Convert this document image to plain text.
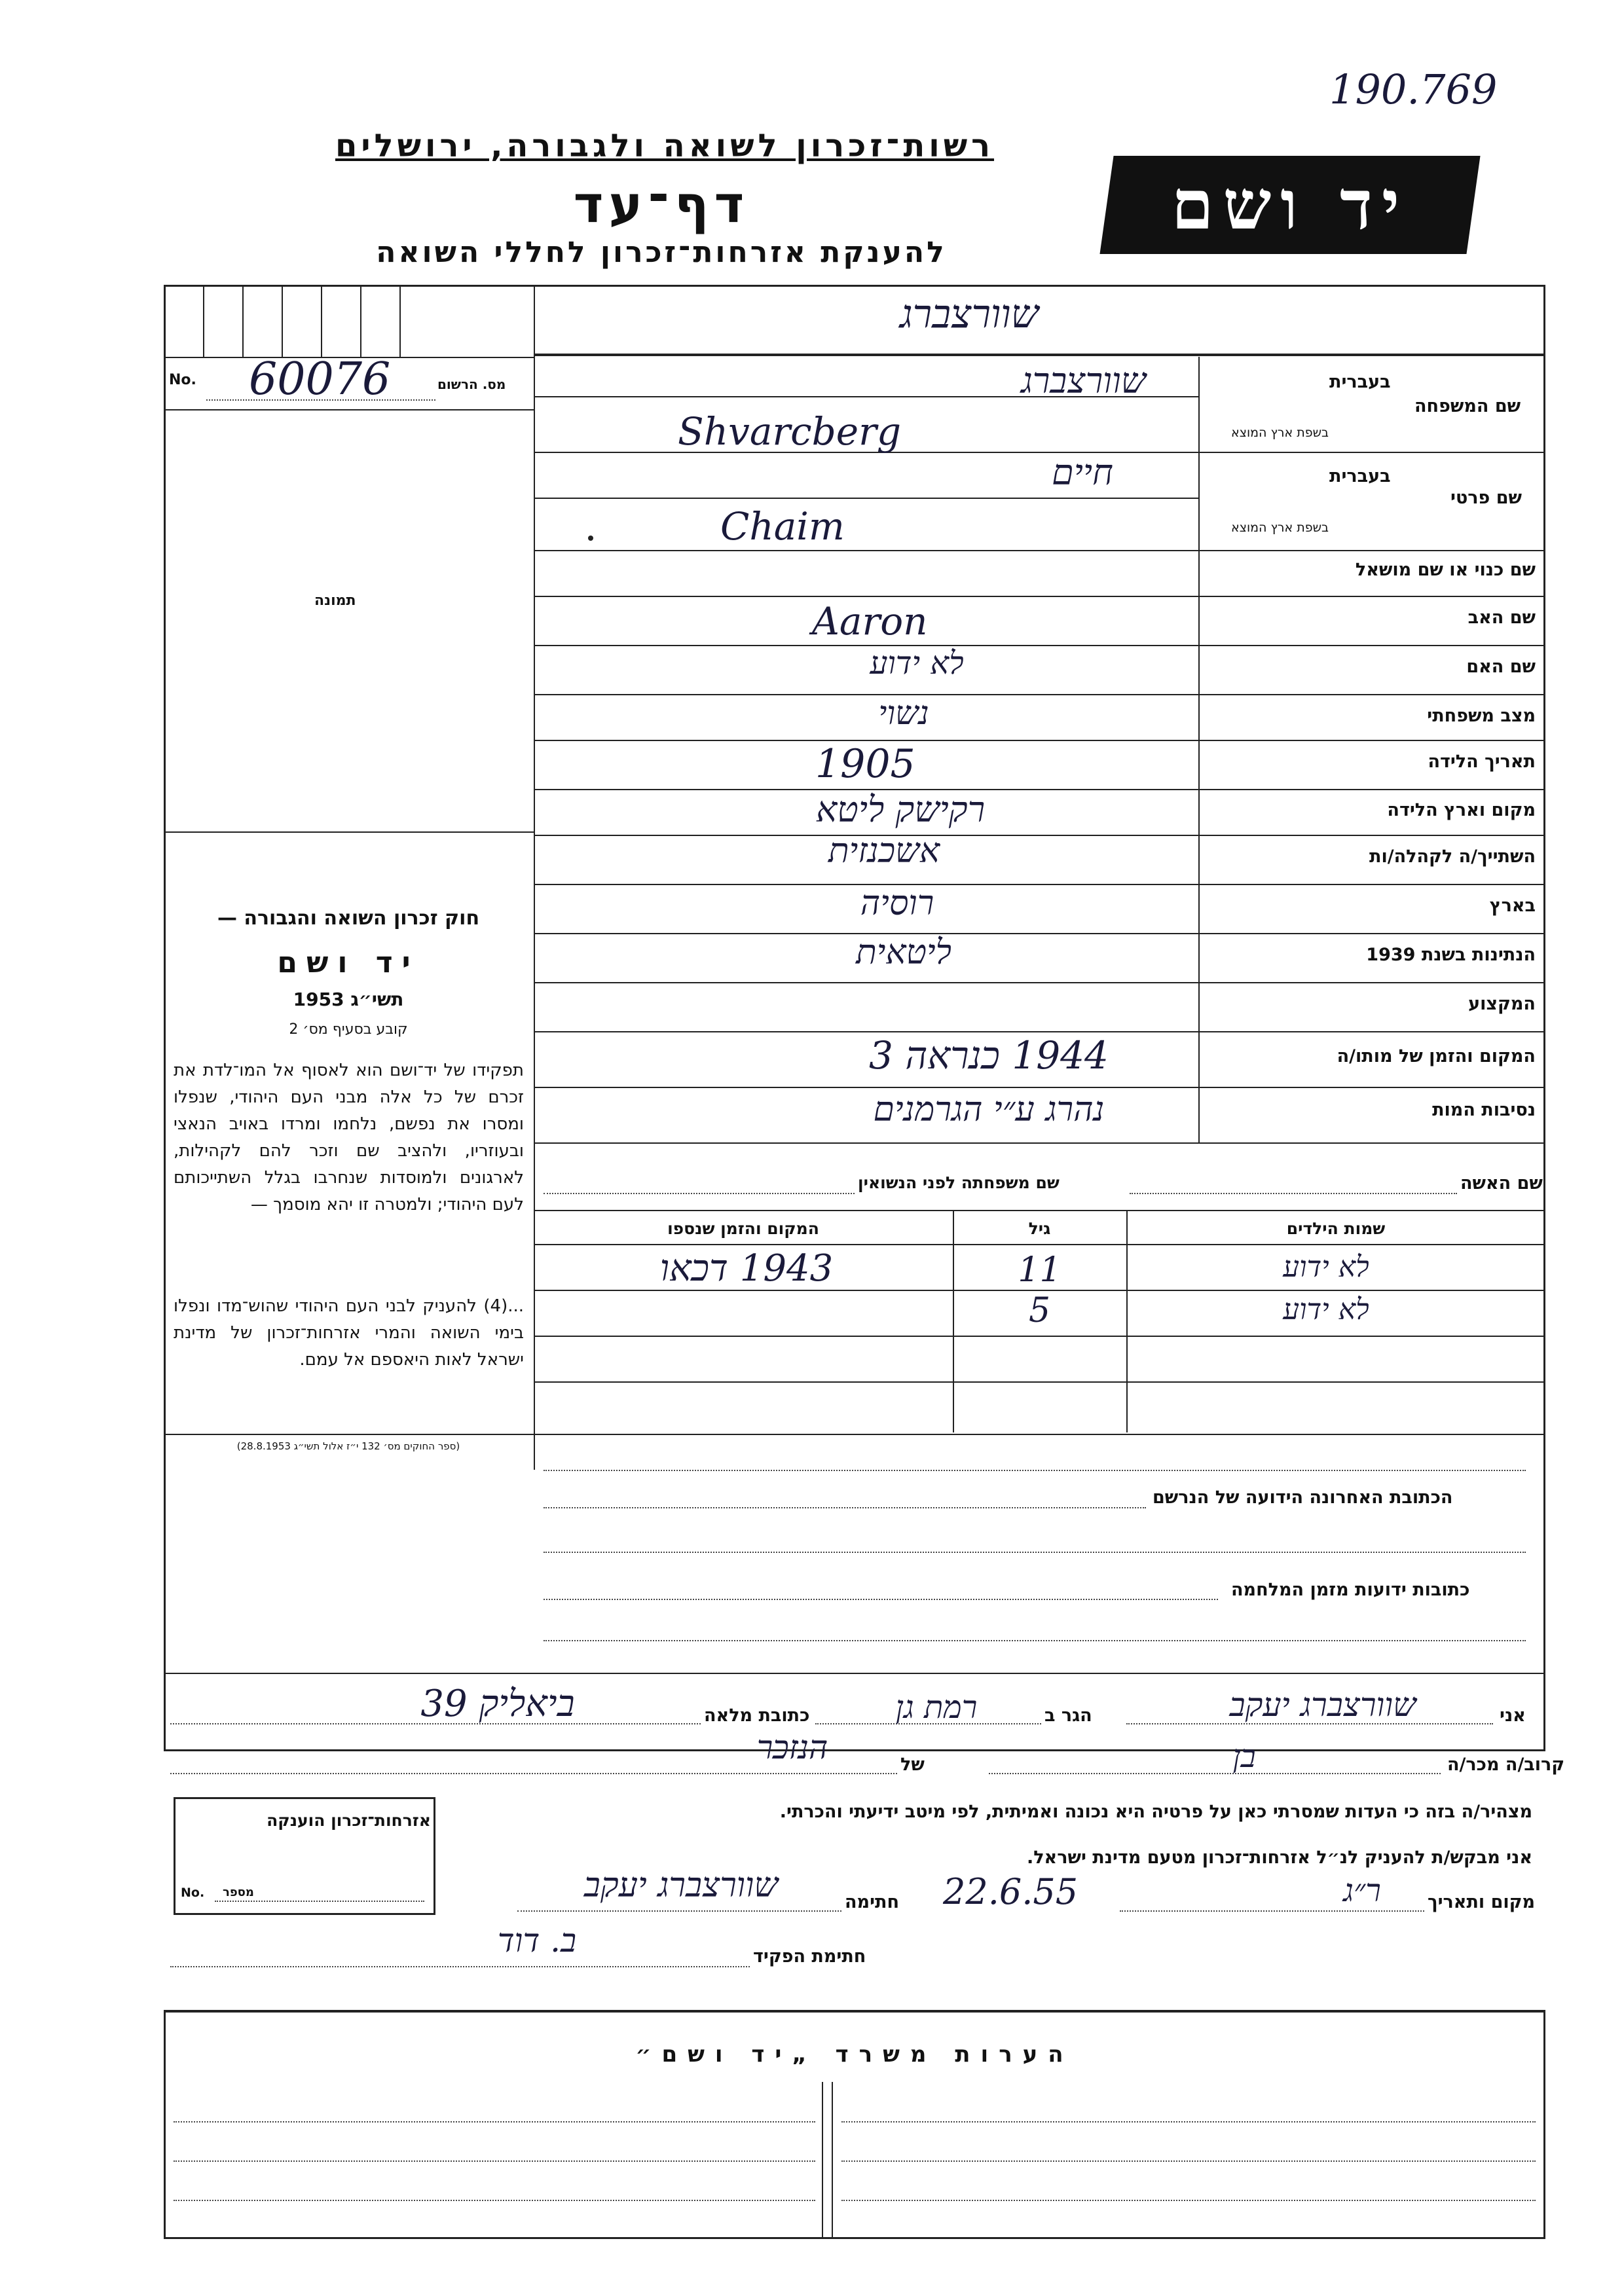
190.769
רשות־זכרון לשואה ולגבורה, ירושלים
דף־עד
להענקת אזרחות־זכרון לחללי השואה
יד ושם
שוורצברג
No. 60076	מס. הרשום
תמונה
בעברית
שם המשפחה
בשפת ארץ המוצא
שוורצברג
Shvarcberg
בעברית
שם פרטי
בשפת ארץ המוצא
חיים
Chaim
שם כנוי או שם מושאל
שם האב
Aaron
שם האם
לא ידוע
מצב משפחתי
נשוי
תאריך הלידה
1905
מקום וארץ הלידה
רקישק ליטא
השתייך/ה לקהלה/ות
אשכנזית
בארץ
רוסיה
הנתינות בשנת 1939
ליטאית
המקצוע
המקום והזמן של מותו/ה
1944 כנראה 3
נסיבות המות
נהרג ע״י הגרמנים
חוק זכרון השואה והגבורה —
יד ושם
תשי״ג 1953
קובע בסעיף מס׳ 2
תפקידו של יד־ושם הוא לאסוף אל המו־לדת את זכרם של כל אלה מבני העם היהודי, שנפלו ומסרו את נפשם, נלחמו ומרדו באויב הנאצי ובעוזריו, ולהציב שם וזכר להם לקהילות, לארגונים ולמוסדות שנחרבו בגלל השתייכותם לעם היהודי; ולמטרה זו יהא מוסמך —
...(4) להעניק לבני העם היהודי שהוש־מדו ונפלו בימי השואה והמרי אזרחות־זכרון של מדינת ישראל לאות היאספם אל עמם.
(ספר החוקים מס׳ 132 י״ז אלול תשי״ג 28.8.1953)
שם האשה
שם משפחתה לפני הנשואין
שמות הילדים
גיל
המקום והזמן שנספו
לא ידוע
11
1943 דכאו
לא ידוע
5
הכתובת האחרונה הידועה של הנרשם
כתובות ידועות מזמן המלחמה
אני
שוורצברג יעקב
הגר ב
רמת גן
כתובת מלאה
ביאליק 39
קרוב/ה מכר/ה
בן
של
הנזכר
מצהיר/ה בזה כי העדות שמסרתי כאן על פרטיה היא נכונה ואמיתית, לפי מיטב ידיעתי והכרתי.
אני מבקש/ת להעניק לנ״ל אזרחות־זכרון מטעם מדינת ישראל.
מקום ותאריך
ר״ג
22.6.55
חתימה
שוורצברג יעקב
חתימת הפקיד
ב. דוד
אזרחות־זכרון הוענקה
No. מספר
הערות משרד „יד ושם״
